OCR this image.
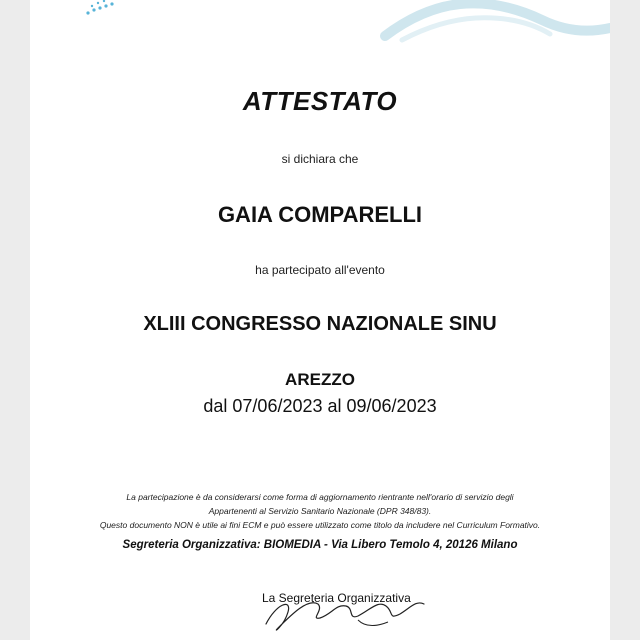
ATTESTATO
si dichiara che
GAIA COMPARELLI
ha partecipato all'evento
XLIII CONGRESSO NAZIONALE SINU
AREZZO
dal 07/06/2023 al 09/06/2023
La partecipazione è da considerarsi come forma di aggiornamento rientrante nell'orario di servizio degli
Appartenenti al Servizio Sanitario Nazionale (DPR 348/83).
Questo documento NON è utile ai fini ECM e può essere utilizzato come titolo da includere nel Curriculum Formativo.
Segreteria Organizzativa: BIOMEDIA - Via Libero Temolo 4, 20126 Milano
La Segreteria Organizzativa
